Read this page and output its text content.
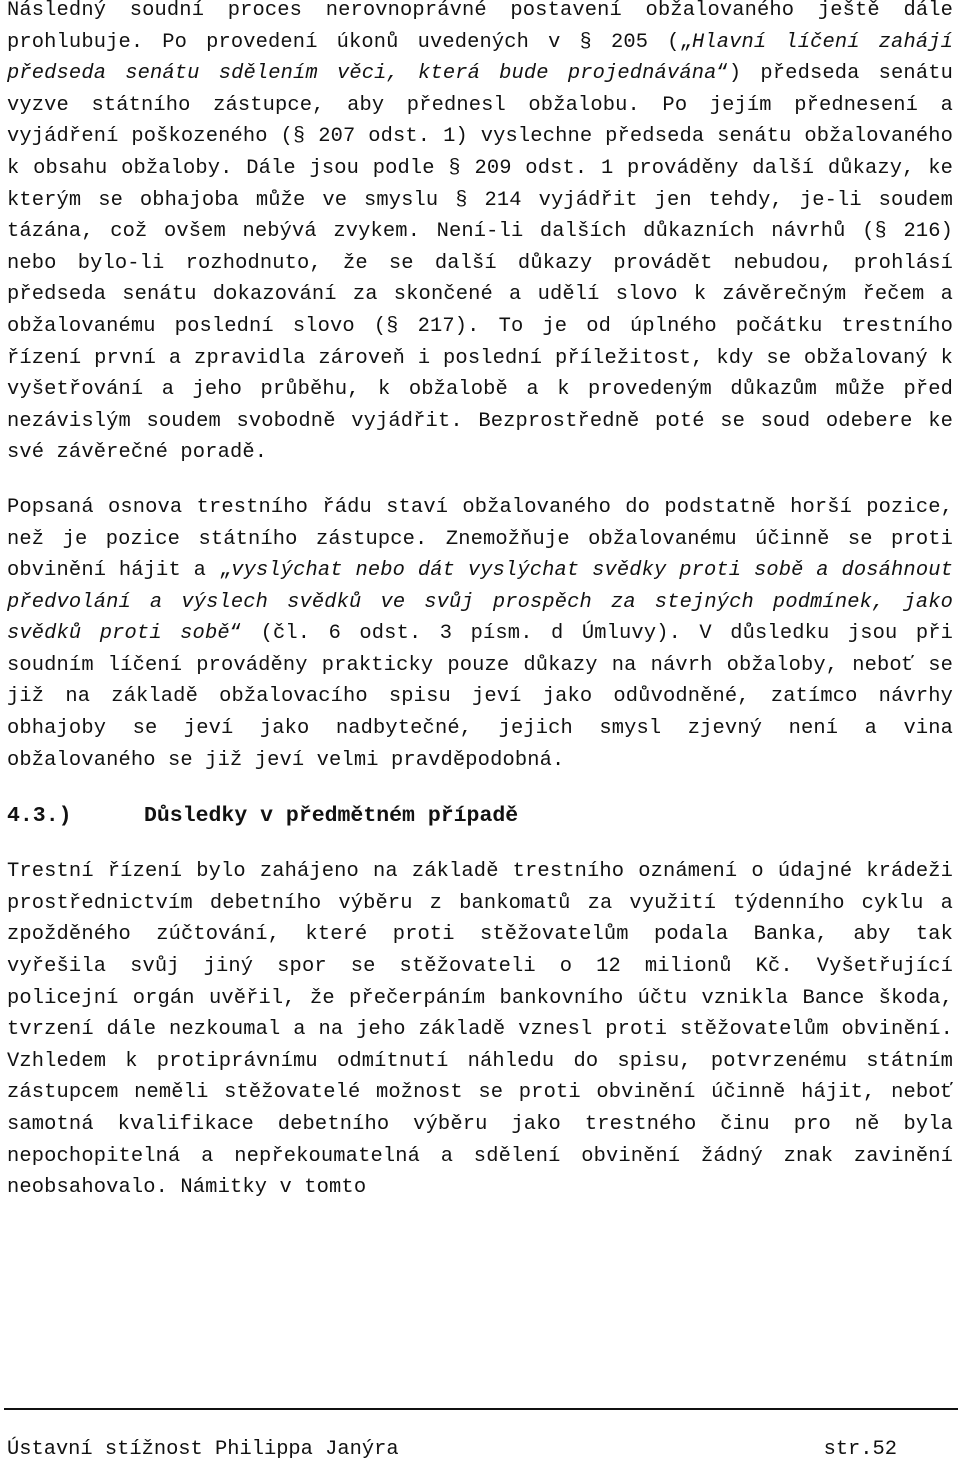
Následný soudní proces nerovnoprávné postavení obžalovaného ještě dále prohlubuje. Po provedení úkonů uvedených v § 205 („Hlavní líčení zahájí předseda senátu sdělením věci, která bude projednávána“) předseda senátu vyzve státního zástupce, aby přednesl obžalobu. Po jejím přednesení a vyjádření poškozeného (§ 207 odst. 1) vyslechne předseda senátu obžalovaného k obsahu obžaloby. Dále jsou podle § 209 odst. 1 prováděny další důkazy, ke kterým se obhajoba může ve smyslu § 214 vyjádřit jen tehdy, je-li soudem tázána, což ovšem nebývá zvykem. Není-li dalších důkazních návrhů (§ 216) nebo bylo-li rozhodnuto, že se další důkazy provádět nebudou, prohlásí předseda senátu dokazování za skončené a udělí slovo k závěrečným řečem a obžalovanému poslední slovo (§ 217). To je od úplného počátku trestního řízení první a zpravidla zároveň i poslední příležitost, kdy se obžalovaný k vyšetřování a jeho průběhu, k obžalobě a k provedeným důkazům může před nezávislým soudem svobodně vyjádřit. Bezprostředně poté se soud odebere ke své závěrečné poradě.

Popsaná osnova trestního řádu staví obžalovaného do podstatně horší pozice, než je pozice státního zástupce. Znemožňuje obžalovanému účinně se proti obvinění hájit a „vyslýchat nebo dát vyslýchat svědky proti sobě a dosáhnout předvolání a výslech svědků ve svůj prospěch za stejných podmínek, jako svědků proti sobě“ (čl. 6 odst. 3 písm. d Úmluvy). V důsledku jsou při soudním líčení prováděny prakticky pouze důkazy na návrh obžaloby, neboť se již na základě obžalovacího spisu jeví jako odůvodněné, zatímco návrhy obhajoby se jeví jako nadbytečné, jejich smysl zjevný není a vina obžalovaného se již jeví velmi pravděpodobná.

4.3.)	Důsledky v předmětném případě

Trestní řízení bylo zahájeno na základě trestního oznámení o údajné krádeži prostřednictvím debetního výběru z bankomatů za využití týdenního cyklu a zpožděného zúčtování, které proti stěžovatelům podala Banka, aby tak vyřešila svůj jiný spor se stěžovateli o 12 milionů Kč. Vyšetřující policejní orgán uvěřil, že přečerpáním bankovního účtu vznikla Bance škoda, tvrzení dále nezkoumal a na jeho základě vznesl proti stěžovatelům obvinění. Vzhledem k protiprávnímu odmítnutí náhledu do spisu, potvrzenému státním zástupcem neměli stěžovatelé možnost se proti obvinění účinně hájit, neboť samotná kvalifikace debetního výběru jako trestného činu pro ně byla nepochopitelná a nepřekoumatelná a sdělení obvinění žádný znak zavinění neobsahovalo. Námitky v tomto

Ústavní stížnost Philippa Janýra	str.52
